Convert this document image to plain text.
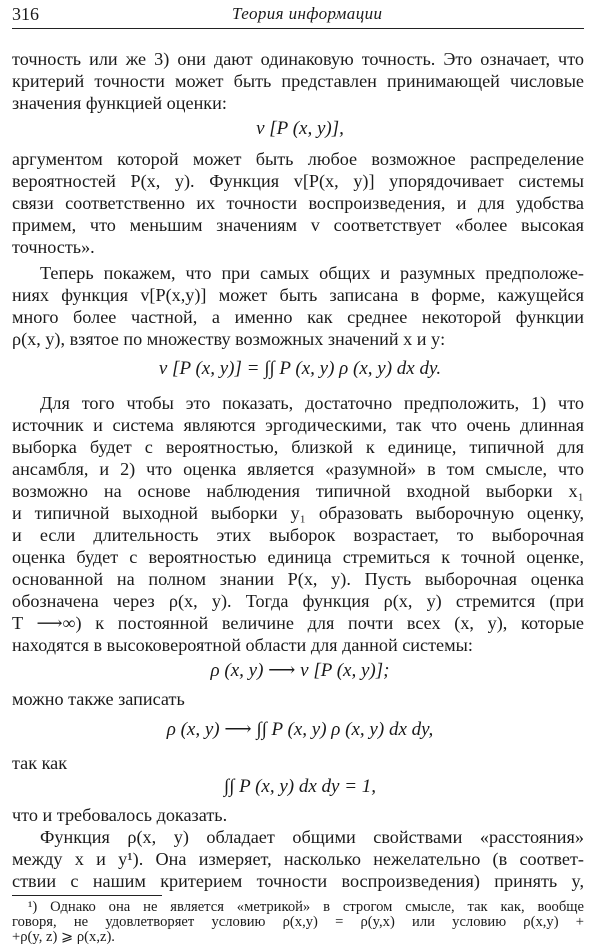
316	Теория информации
точность или же 3) они дают одинаковую точность. Это означает, что
критерий точности может быть представлен принимающей числовые
значения функцией оценки:
v [P (x, y)],
аргументом которой может быть любое возможное распределение
вероятностей P(x, y). Функция v[P(x, y)] упорядочивает системы
связи соответственно их точности воспроизведения, и для удобства
примем, что меньшим значениям v соответствует «более высокая
точность».
Теперь покажем, что при самых общих и разумных предположе-
ниях функция v[P(x,y)] может быть записана в форме, кажущейся
много более частной, а именно как среднее некоторой функции
ρ(x, y), взятое по множеству возможных значений x и y:
v [P (x, y)] = ∫∫ P (x, y) ρ (x, y) dx dy.
Для того чтобы это показать, достаточно предположить, 1) что
источник и система являются эргодическими, так что очень длинная
выборка будет с вероятностью, близкой к единице, типичной для
ансамбля, и 2) что оценка является «разумной» в том смысле, что
возможно на основе наблюдения типичной входной выборки x₁
и типичной выходной выборки y₁ образовать выборочную оценку,
и если длительность этих выборок возрастает, то выборочная
оценка будет с вероятностью единица стремиться к точной оценке,
основанной на полном знании P(x, y). Пусть выборочная оценка
обозначена через ρ(x, y). Тогда функция ρ(x, y) стремится (при
T ⟶∞) к постоянной величине для почти всех (x, y), которые
находятся в высоковероятной области для данной системы:
ρ (x, y) ⟶ v [P (x, y)];
можно также записать
ρ (x, y) ⟶ ∫∫ P (x, y) ρ (x, y) dx dy,
так как
∫∫ P (x, y) dx dy = 1,
что и требовалось доказать.
Функция ρ(x, y) обладает общими свойствами «расстояния»
между x и y¹). Она измеряет, насколько нежелательно (в соответ-
ствии с нашим критерием точности воспроизведения) принять y,
¹) Однако она не является «метрикой» в строгом смысле, так как, вообще
говоря, не удовлетворяет условию ρ(x,y) = ρ(y,x) или условию ρ(x,y) +
+ρ(y, z) ⩾ ρ(x,z).
